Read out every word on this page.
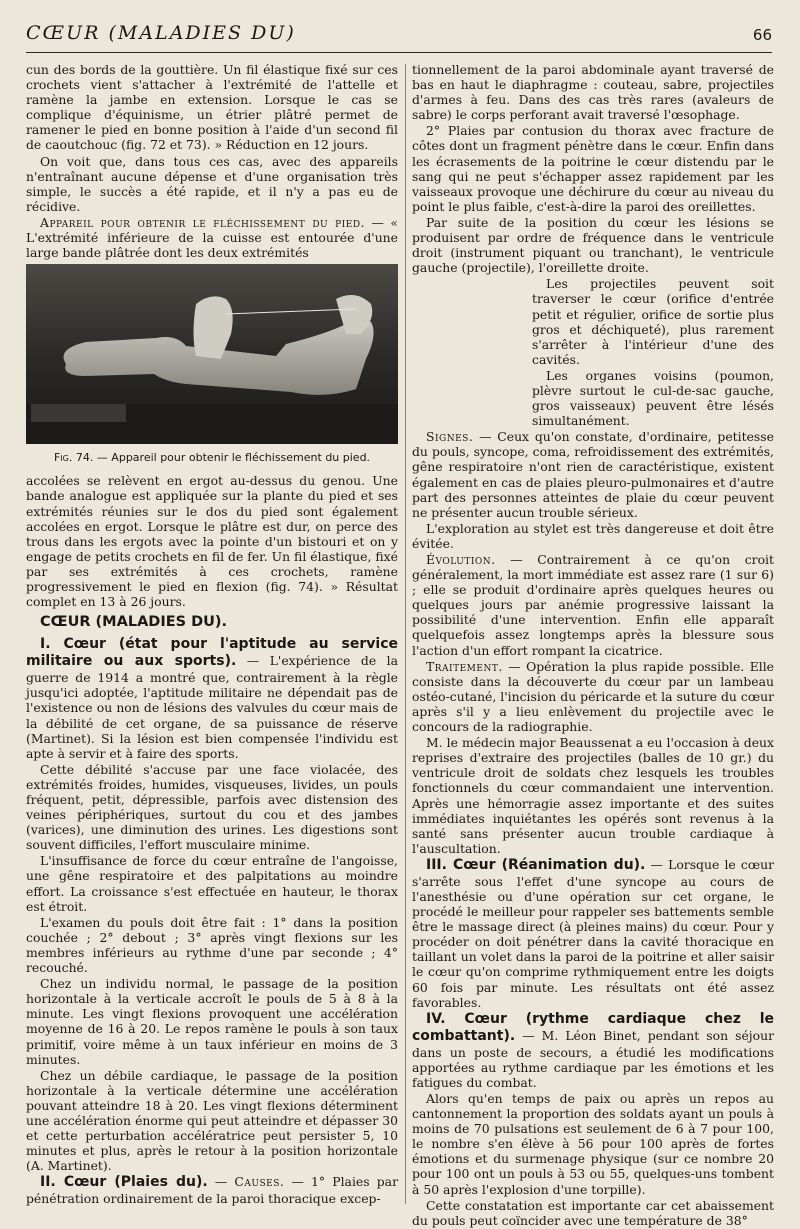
CŒUR (MALADIES DU)	66

cun des bords de la gouttière. Un fil élastique fixé sur ces crochets vient s'attacher à l'extrémité de l'attelle et ramène la jambe en extension. Lorsque le cas se complique d'équinisme, un étrier plâtré permet de ramener le pied en bonne position à l'aide d'un second fil de caoutchouc (fig. 72 et 73). » Réduction en 12 jours.

On voit que, dans tous ces cas, avec des appareils n'entraînant aucune dépense et d'une organisation très simple, le succès a été rapide, et il n'y a pas eu de récidive.

Appareil pour obtenir le fléchissement du pied. — « L'extrémité inférieure de la cuisse est entourée d'une large bande plâtrée dont les deux extrémités

Fig. 74. — Appareil pour obtenir le fléchissement du pied.

accolées se relèvent en ergot au-dessus du genou. Une bande analogue est appliquée sur la plante du pied et ses extrémités réunies sur le dos du pied sont également accolées en ergot. Lorsque le plâtre est dur, on perce des trous dans les ergots avec la pointe d'un bistouri et on y engage de petits crochets en fil de fer. Un fil élastique, fixé par ses extrémités à ces crochets, ramène progressivement le pied en flexion (fig. 74). » Résultat complet en 13 à 26 jours.

CŒUR (MALADIES DU).

I. Cœur (état pour l'aptitude au service militaire ou aux sports). — L'expérience de la guerre de 1914 a montré que, contrairement à la règle jusqu'ici adoptée, l'aptitude militaire ne dépendait pas de l'existence ou non de lésions des valvules du cœur mais de la débilité de cet organe, de sa puissance de réserve (Martinet). Si la lésion est bien compensée l'individu est apte à servir et à faire des sports.

Cette débilité s'accuse par une face violacée, des extrémités froides, humides, visqueuses, livides, un pouls fréquent, petit, dépressible, parfois avec distension des veines périphériques, surtout du cou et des jambes (varices), une diminution des urines. Les digestions sont souvent difficiles, l'effort musculaire minime.

L'insuffisance de force du cœur entraîne de l'angoisse, une gêne respiratoire et des palpitations au moindre effort. La croissance s'est effectuée en hauteur, le thorax est étroit.

L'examen du pouls doit être fait : 1° dans la position couchée ; 2° debout ; 3° après vingt flexions sur les membres inférieurs au rythme d'une par seconde ; 4° recouché.

Chez un individu normal, le passage de la position horizontale à la verticale accroît le pouls de 5 à 8 à la minute. Les vingt flexions provoquent une accélération moyenne de 16 à 20. Le repos ramène le pouls à son taux primitif, voire même à un taux inférieur en moins de 3 minutes.

Chez un débile cardiaque, le passage de la position horizontale à la verticale détermine une accélération pouvant atteindre 18 à 20. Les vingt flexions déterminent une accélération énorme qui peut atteindre et dépasser 30 et cette perturbation accélératrice peut persister 5, 10 minutes et plus, après le retour à la position horizontale (A. Martinet).

II. Cœur (Plaies du). — Causes. — 1° Plaies par pénétration ordinairement de la paroi thoracique excep-

tionnellement de la paroi abdominale ayant traversé de bas en haut le diaphragme : couteau, sabre, projectiles d'armes à feu. Dans des cas très rares (avaleurs de sabre) le corps perforant avait traversé l'œsophage.

2° Plaies par contusion du thorax avec fracture de côtes dont un fragment pénètre dans le cœur. Enfin dans les écrasements de la poitrine le cœur distendu par le sang qui ne peut s'échapper assez rapidement par les vaisseaux provoque une déchirure du cœur au niveau du point le plus faible, c'est-à-dire la paroi des oreillettes.

Par suite de la position du cœur les lésions se produisent par ordre de fréquence dans le ventricule droit (instrument piquant ou tranchant), le ventricule gauche (projectile), l'oreillette droite.

Les projectiles peuvent soit traverser le cœur (orifice d'entrée petit et régulier, orifice de sortie plus gros et déchiqueté), plus rarement s'arrêter à l'intérieur d'une des cavités.

Les organes voisins (poumon, plèvre surtout le cul-de-sac gauche, gros vaisseaux) peuvent être lésés simultanément.

Signes. — Ceux qu'on constate, d'ordinaire, petitesse du pouls, syncope, coma, refroidissement des extrémités, gêne respiratoire n'ont rien de caractéristique, existent également en cas de plaies pleuro-pulmonaires et d'autre part des personnes atteintes de plaie du cœur peuvent ne présenter aucun trouble sérieux.

L'exploration au stylet est très dangereuse et doit être évitée.

Évolution. — Contrairement à ce qu'on croit généralement, la mort immédiate est assez rare (1 sur 6) ; elle se produit d'ordinaire après quelques heures ou quelques jours par anémie progressive laissant la possibilité d'une intervention. Enfin elle apparaît quelquefois assez longtemps après la blessure sous l'action d'un effort rompant la cicatrice.

Traitement. — Opération la plus rapide possible. Elle consiste dans la découverte du cœur par un lambeau ostéo-cutané, l'incision du péricarde et la suture du cœur après s'il y a lieu enlèvement du projectile avec le concours de la radiographie.

M. le médecin major Beaussenat a eu l'occasion à deux reprises d'extraire des projectiles (balles de 10 gr.) du ventricule droit de soldats chez lesquels les troubles fonctionnels du cœur commandaient une intervention. Après une hémorragie assez importante et des suites immédiates inquiétantes les opérés sont revenus à la santé sans présenter aucun trouble cardiaque à l'auscultation.

III. Cœur (Réanimation du). — Lorsque le cœur s'arrête sous l'effet d'une syncope au cours de l'anesthésie ou d'une opération sur cet organe, le procédé le meilleur pour rappeler ses battements semble être le massage direct (à pleines mains) du cœur. Pour y procéder on doit pénétrer dans la cavité thoracique en taillant un volet dans la paroi de la poitrine et aller saisir le cœur qu'on comprime rythmiquement entre les doigts 60 fois par minute. Les résultats ont été assez favorables.

IV. Cœur (rythme cardiaque chez le combattant). — M. Léon Binet, pendant son séjour dans un poste de secours, a étudié les modifications apportées au rythme cardiaque par les émotions et les fatigues du combat.

Alors qu'en temps de paix ou après un repos au cantonnement la proportion des soldats ayant un pouls à moins de 70 pulsations est seulement de 6 à 7 pour 100, le nombre s'en élève à 56 pour 100 après de fortes émotions et du surmenage physique (sur ce nombre 20 pour 100 ont un pouls à 53 ou 55, quelques-uns tombent à 50 après l'explosion d'une torpille).

Cette constatation est importante car cet abaissement du pouls peut coïncider avec une température de 38°
